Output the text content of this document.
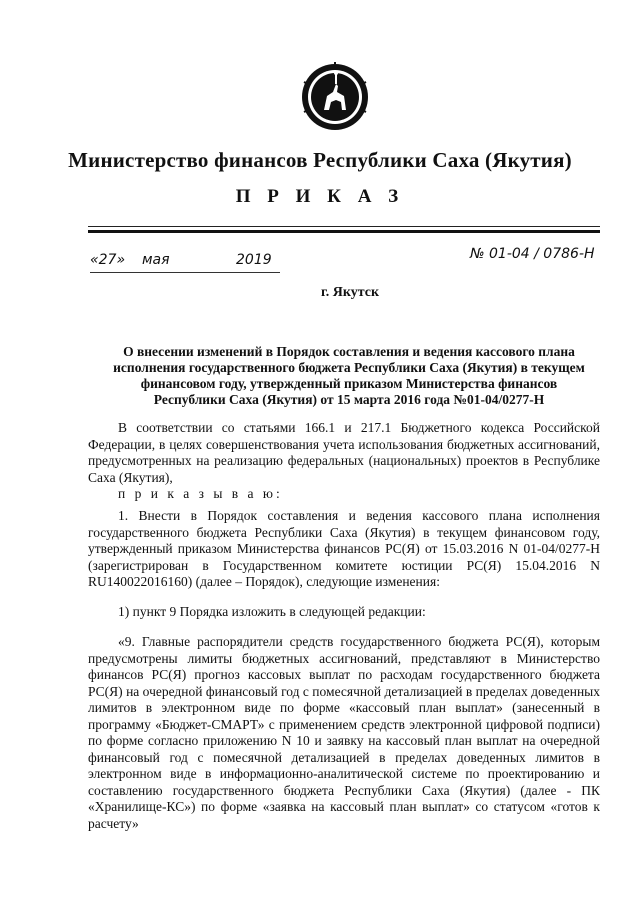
Министерство финансов Республики Саха (Якутия)
П Р И К А З
«27» мая	2019	№ 01-04 / 0786-Н
г. Якутск
О внесении изменений в Порядок составления и ведения кассового плана исполнения государственного бюджета Республики Саха (Якутия) в текущем финансовом году, утвержденный приказом Министерства финансов Республики Саха (Якутия) от 15 марта 2016 года №01-04/0277-Н
В соответствии со статьями 166.1 и 217.1 Бюджетного кодекса Российской Федерации, в целях совершенствования учета использования бюджетных ассигнований, предусмотренных на реализацию федеральных (национальных) проектов в Республике Саха (Якутия),
п р и к а з ы в а ю:
1. Внести в Порядок составления и ведения кассового плана исполнения государственного бюджета Республики Саха (Якутия) в текущем финансовом году, утвержденный приказом Министерства финансов РС(Я) от 15.03.2016 N 01-04/0277-Н (зарегистрирован в Государственном комитете юстиции РС(Я) 15.04.2016 N RU140022016160) (далее – Порядок), следующие изменения:
1) пункт 9 Порядка изложить в следующей редакции:
«9. Главные распорядители средств государственного бюджета РС(Я), которым предусмотрены лимиты бюджетных ассигнований, представляют в Министерство финансов РС(Я) прогноз кассовых выплат по расходам государственного бюджета РС(Я) на очередной финансовый год с помесячной детализацией в пределах доведенных лимитов в электронном виде по форме «кассовый план выплат» (занесенный в программу «Бюджет-СМАРТ» с применением средств электронной цифровой подписи) по форме согласно приложению N 10 и заявку на кассовый план выплат на очередной финансовый год с помесячной детализацией в пределах доведенных лимитов в электронном виде в информационно-аналитической системе по проектированию и составлению государственного бюджета Республики Саха (Якутия) (далее - ПК «Хранилище-КС») по форме «заявка на кассовый план выплат» со статусом «готов к расчету»
